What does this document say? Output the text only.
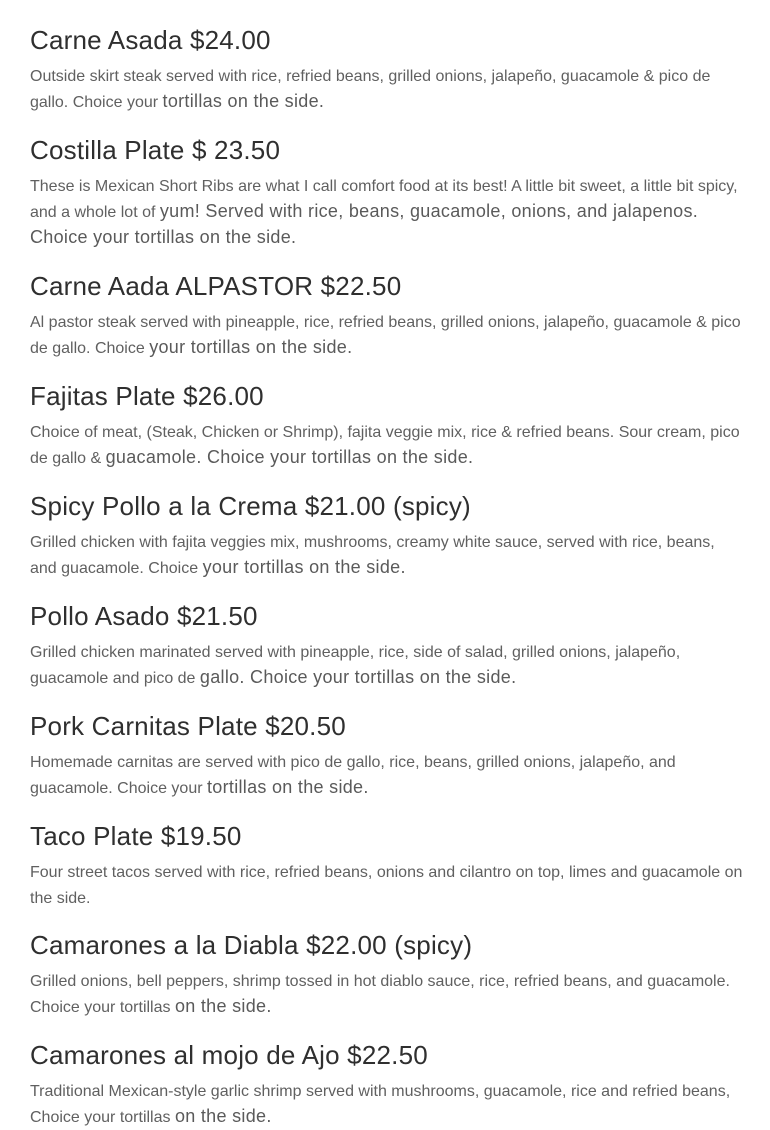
Carne Asada $24.00

Outside skirt steak served with rice, refried beans, grilled onions, jalapeño, guacamole & pico de gallo. Choice your tortillas on the side.

Costilla Plate $ 23.50

These is Mexican Short Ribs are what I call comfort food at its best! A little bit sweet, a little bit spicy, and a whole lot of yum! Served with rice, beans, guacamole, onions, and jalapenos. Choice your tortillas on the side.

Carne Aada ALPASTOR $22.50

Al pastor steak served with pineapple, rice, refried beans, grilled onions, jalapeño, guacamole & pico de gallo. Choice your tortillas on the side.

Fajitas Plate $26.00

Choice of meat, (Steak, Chicken or Shrimp), fajita veggie mix, rice & refried beans. Sour cream, pico de gallo & guacamole. Choice your tortillas on the side.

Spicy Pollo a la Crema $21.00 (spicy)

Grilled chicken with fajita veggies mix, mushrooms, creamy white sauce, served with rice, beans, and guacamole. Choice your tortillas on the side.

Pollo Asado $21.50

Grilled chicken marinated served with pineapple, rice, side of salad, grilled onions, jalapeño, guacamole and pico de gallo. Choice your tortillas on the side.

Pork Carnitas Plate $20.50

Homemade carnitas are served with pico de gallo, rice, beans, grilled onions, jalapeño, and guacamole. Choice your tortillas on the side.

Taco Plate $19.50

Four street tacos served with rice, refried beans, onions and cilantro on top, limes and guacamole on the side.

Camarones a la Diabla $22.00 (spicy)

Grilled onions, bell peppers, shrimp tossed in hot diablo sauce, rice, refried beans, and guacamole. Choice your tortillas on the side.

Camarones al mojo de Ajo $22.50

Traditional Mexican-style garlic shrimp served with mushrooms, guacamole, rice and refried beans, Choice your tortillas on the side.
